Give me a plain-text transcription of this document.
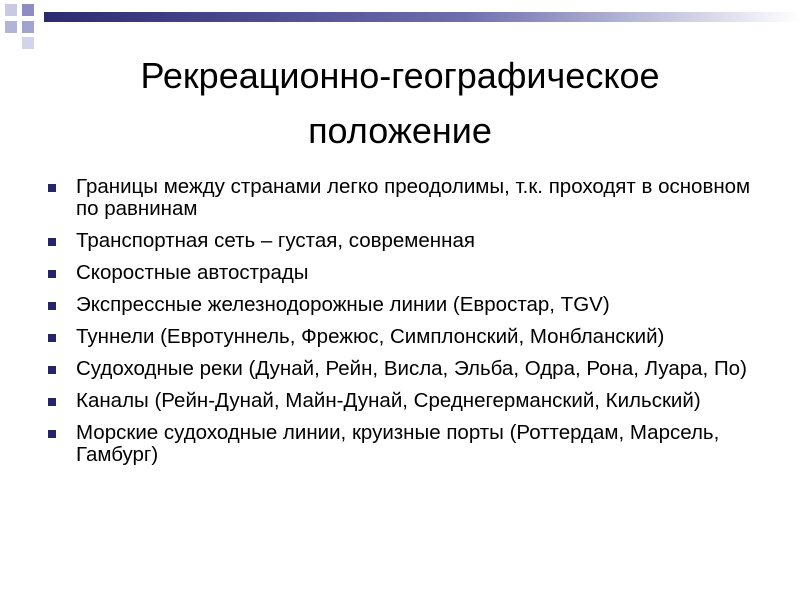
Рекреационно-географическое
положение
Границы между странами легко преодолимы, т.к. проходят в основном по равнинам
Транспортная сеть – густая, современная
Скоростные автострады
Экспрессные железнодорожные линии (Евростар, TGV)
Туннели (Евротуннель, Фрежюс, Симплонский, Монбланский)
Судоходные реки (Дунай, Рейн, Висла, Эльба, Одра, Рона, Луара, По)
Каналы (Рейн-Дунай, Майн-Дунай, Среднегерманский, Кильский)
Морские судоходные линии, круизные порты (Роттердам, Марсель, Гамбург)
